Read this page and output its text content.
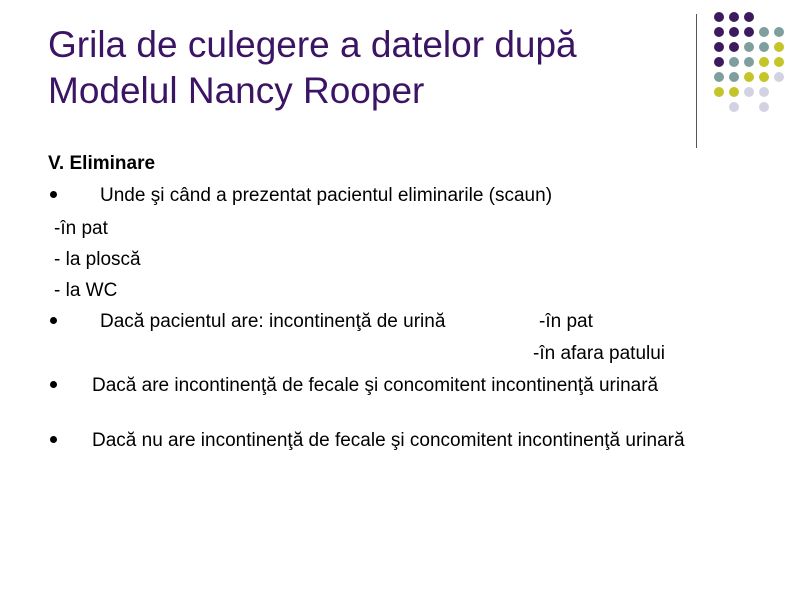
Grila de culegere a datelor după
Modelul Nancy Rooper
V. Eliminare
Unde şi când a prezentat pacientul eliminarile (scaun)
-în pat
- la ploscă
- la WC
Dacă pacientul are: incontinenţă de urină	-în pat
-în afara patului
Dacă are incontinenţă de fecale şi concomitent incontinenţă urinară
Dacă nu are incontinenţă de fecale şi concomitent incontinenţă urinară
